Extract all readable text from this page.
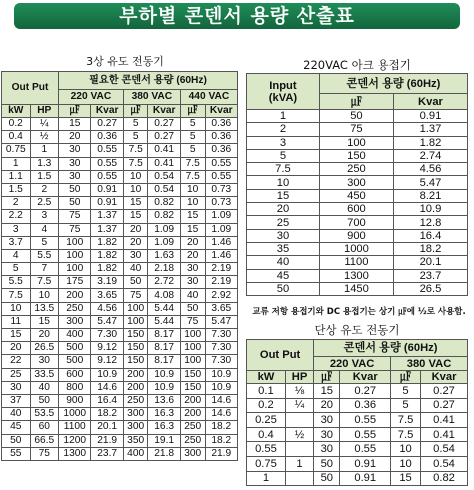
부하별 콘덴서 용량 산출표
3상 유도 전동기
Out Put		필요한 콘덴서 용량 (60Hz)					
		220 VAC		380 VAC		440 VAC	
kW	HP	㎌	Kvar	㎌	Kvar	㎌	Kvar
0.2	¼	15	0.27	5	0.27	5	0.36
0.4	½	20	0.36	5	0.27	5	0.36
0.75	1	30	0.55	7.5	0.41	5	0.36
1	1.3	30	0.55	7.5	0.41	7.5	0.55
1.1	1.5	30	0.55	10	0.54	7.5	0.55
1.5	2	50	0.91	10	0.54	10	0.73
2	2.5	50	0.91	15	0.82	10	0.73
2.2	3	75	1.37	15	0.82	15	1.09
3	4	75	1.37	20	1.09	15	1.09
3.7	5	100	1.82	20	1.09	20	1.46
4	5.5	100	1.82	30	1.63	20	1.46
5	7	100	1.82	40	2.18	30	2.19
5.5	7.5	175	3.19	50	2.72	30	2.19
7.5	10	200	3.65	75	4.08	40	2.92
10	13.5	250	4.56	100	5.44	50	3.65
11	15	300	5.47	100	5.44	75	5.47
15	20	400	7.30	150	8.17	100	7.30
20	26.5	500	9.12	150	8.17	100	7.30
22	30	500	9.12	150	8.17	100	7.30
25	33.5	600	10.9	200	10.9	150	10.9
30	40	800	14.6	200	10.9	150	10.9
37	50	900	16.4	250	13.6	200	14.6
40	53.5	1000	18.2	300	16.3	200	14.6
45	60	1100	20.1	300	16.3	250	18.2
50	66.5	1200	21.9	350	19.1	250	18.2
55	75	1300	23.7	400	21.8	300	21.9
220VAC 아크 용접기
Input
(kVA)	콘덴서 용량 (60Hz)	
	㎌	Kvar
1	50	0.91
2	75	1.37
3	100	1.82
5	150	2.74
7.5	250	4.56
10	300	5.47
15	450	8.21
20	600	10.9
25	700	12.8
30	900	16.4
35	1000	18.2
40	1100	20.1
45	1300	23.7
50	1450	26.5
교류 저항 용접기와 DC 용접기는 상기 ㎌에 ½로 사용함.
단상 유도 전동기
Out Put		콘덴서 용량 (60Hz)			
		220 VAC		380 VAC	
kW	HP	㎌	Kvar	㎌	Kvar
0.1	⅛	15	0.27	5	0.27
0.2	¼	20	0.36	5	0.27
0.25		30	0.55	7.5	0.41
0.4	½	30	0.55	7.5	0.41
0.55		30	0.55	10	0.54
0.75	1	50	0.91	10	0.54
1		50	0.91	15	0.82
